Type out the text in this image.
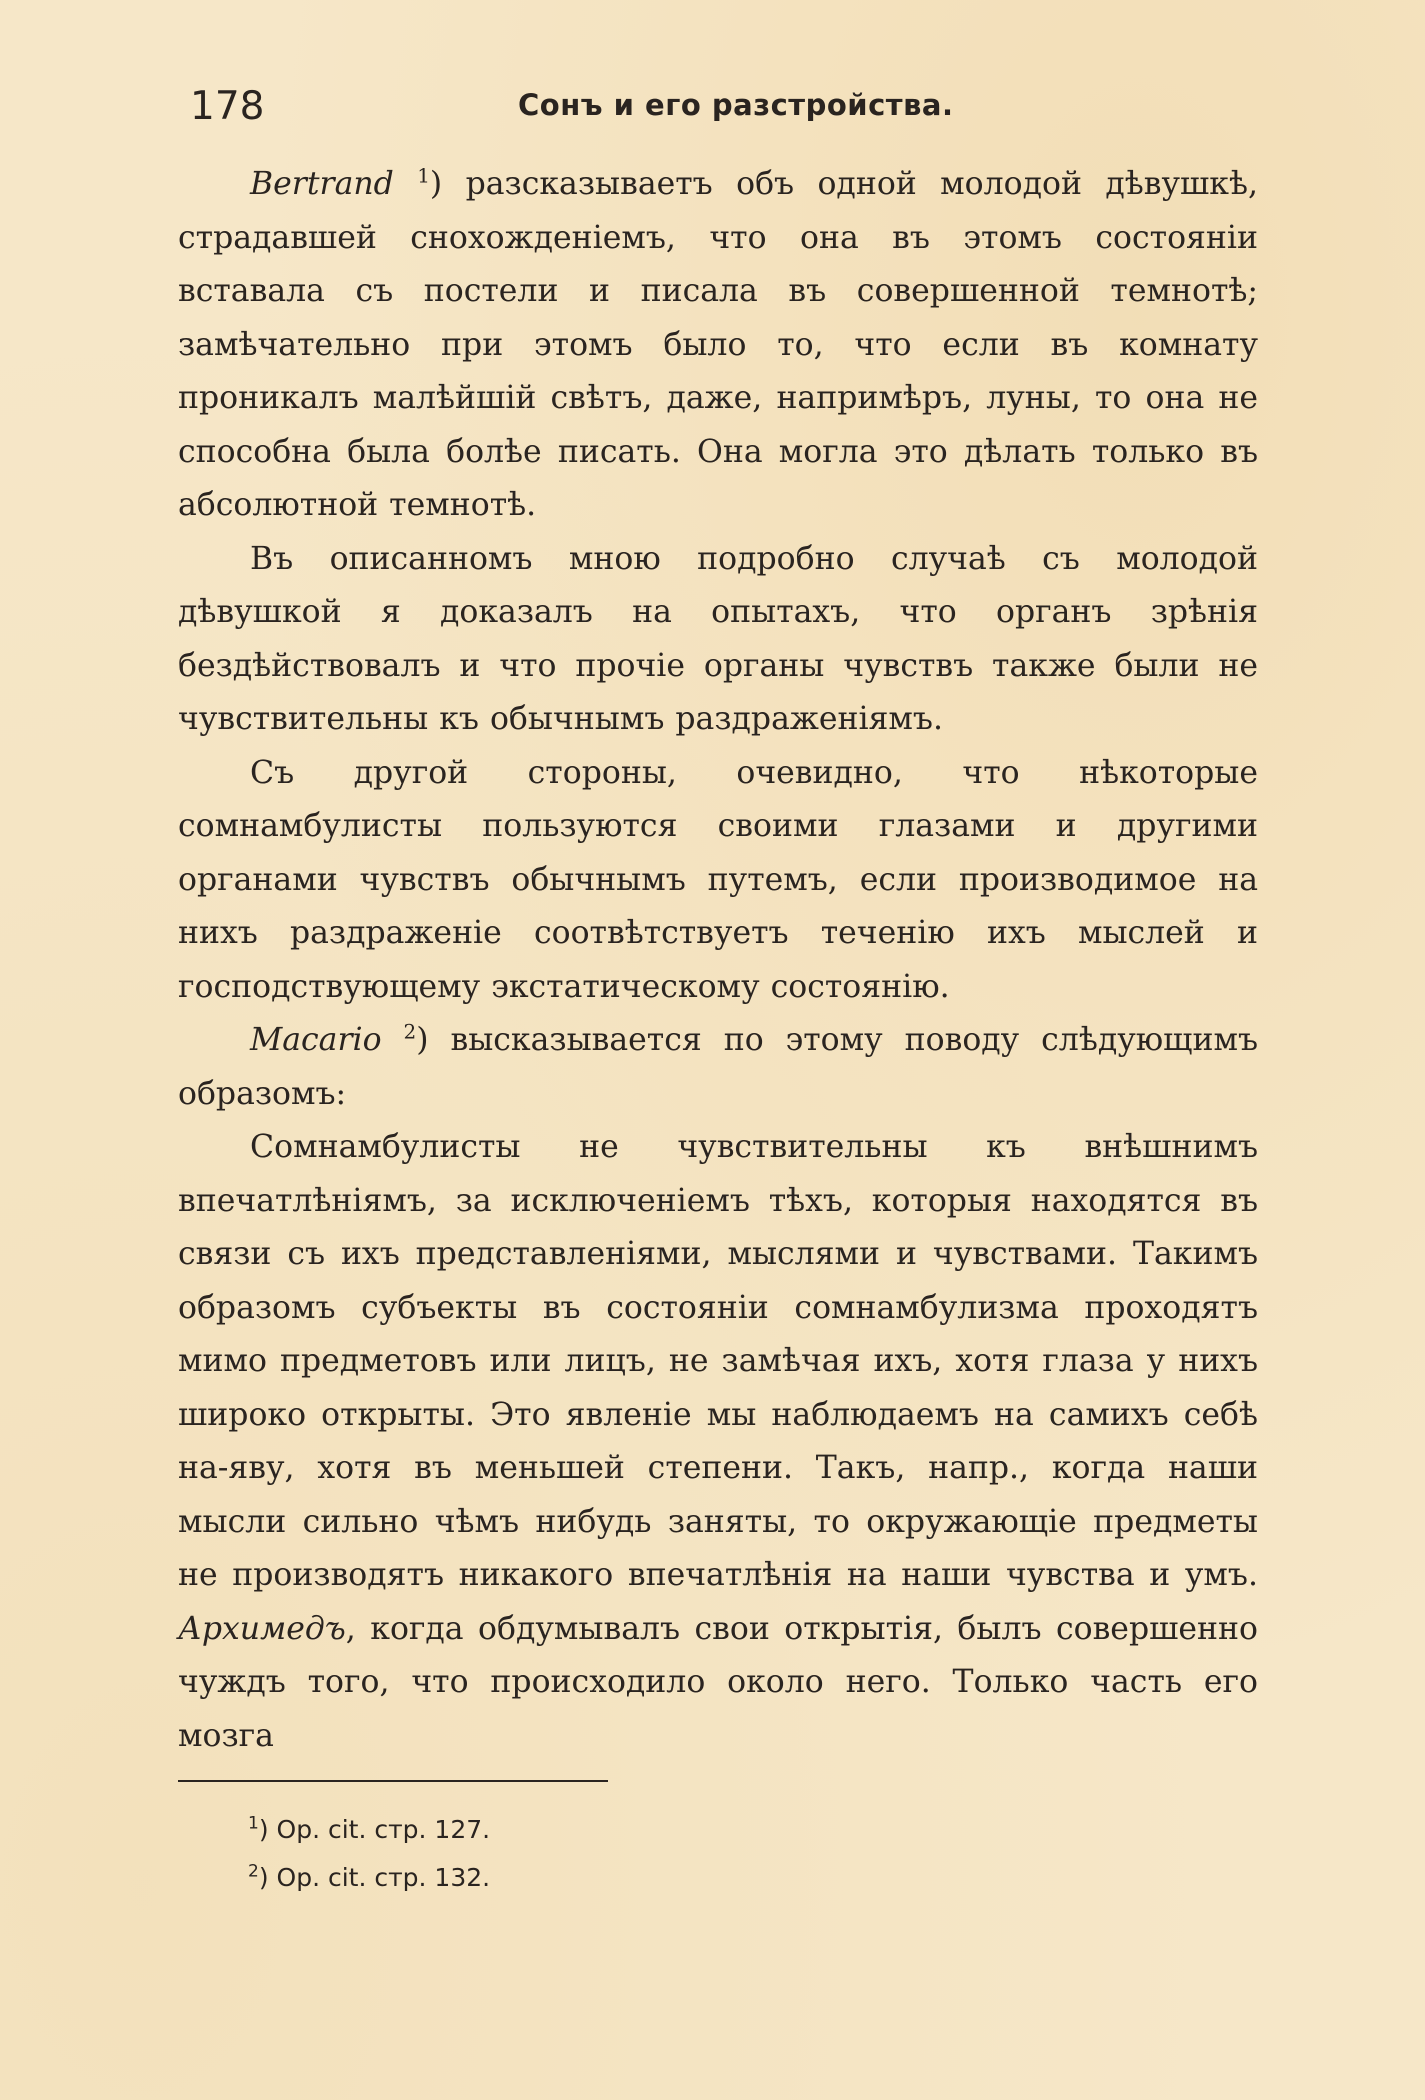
178	Сонъ и его разстройства.

Bertrand $^1$) разсказываетъ объ одной молодой дѣвушкѣ, страдавшей снохожденіемъ, что она въ этомъ состояніи вставала съ постели и писала въ совершенной темнотѣ; замѣчательно при этомъ было то, что если въ комнату проникалъ малѣйшій свѣтъ, даже, напримѣръ, луны, то она не способна была болѣе писать. Она могла это дѣлать только въ абсолютной темнотѣ.

Въ описанномъ мною подробно случаѣ съ молодой дѣвушкой я доказалъ на опытахъ, что органъ зрѣнія бездѣйствовалъ и что прочіе органы чувствъ также были не чувствительны къ обычнымъ раздраженіямъ.

Съ другой стороны, очевидно, что нѣкоторые сомнамбулисты пользуются своими глазами и другими органами чувствъ обычнымъ путемъ, если производимое на нихъ раздраженіе соотвѣтствуетъ теченію ихъ мыслей и господствующему экстатическому состоянію.

Macario $^2$) высказывается по этому поводу слѣдующимъ образомъ:

Сомнамбулисты не чувствительны къ внѣшнимъ впечатлѣніямъ, за исключеніемъ тѣхъ, которыя находятся въ связи съ ихъ представленіями, мыслями и чувствами. Такимъ образомъ субъекты въ состояніи сомнамбулизма проходятъ мимо предметовъ или лицъ, не замѣчая ихъ, хотя глаза у нихъ широко открыты. Это явленіе мы наблюдаемъ на самихъ себѣ на-яву, хотя въ меньшей степени. Такъ, напр., когда наши мысли сильно чѣмъ нибудь заняты, то окружающіе предметы не производятъ никакого впечатлѣнія на наши чувства и умъ. Архимедъ, когда обдумывалъ свои открытія, былъ совершенно чуждъ того, что происходило около него. Только часть его мозга

$^1$) Op. cit. стр. 127.
$^2$) Op. cit. стр. 132.
